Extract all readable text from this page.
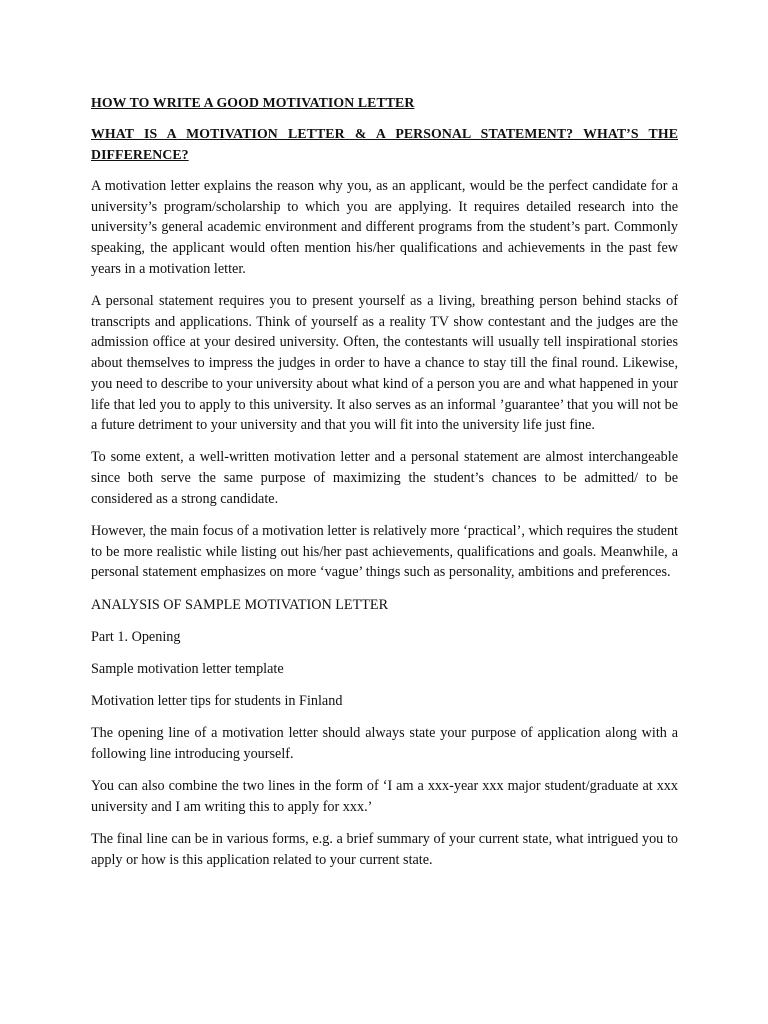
HOW TO WRITE A GOOD MOTIVATION LETTER

WHAT IS A MOTIVATION LETTER & A PERSONAL STATEMENT? WHAT’S THE DIFFERENCE?

A motivation letter explains the reason why you, as an applicant, would be the perfect candidate for a university’s program/scholarship to which you are applying. It requires detailed research into the university’s general academic environment and different programs from the student’s part. Commonly speaking, the applicant would often mention his/her qualifications and achievements in the past few years in a motivation letter.

A personal statement requires you to present yourself as a living, breathing person behind stacks of transcripts and applications. Think of yourself as a reality TV show contestant and the judges are the admission office at your desired university. Often, the contestants will usually tell inspirational stories about themselves to impress the judges in order to have a chance to stay till the final round. Likewise, you need to describe to your university about what kind of a person you are and what happened in your life that led you to apply to this university. It also serves as an informal ’guarantee’ that you will not be a future detriment to your university and that you will fit into the university life just fine.

To some extent, a well-written motivation letter and a personal statement are almost interchangeable since both serve the same purpose of maximizing the student’s chances to be admitted/ to be considered as a strong candidate.

However, the main focus of a motivation letter is relatively more ‘practical’, which requires the student to be more realistic while listing out his/her past achievements, qualifications and goals. Meanwhile, a personal statement emphasizes on more ‘vague’ things such as personality, ambitions and preferences.

ANALYSIS OF SAMPLE MOTIVATION LETTER

Part 1. Opening

Sample motivation letter template

Motivation letter tips for students in Finland

The opening line of a motivation letter should always state your purpose of application along with a following line introducing yourself.

You can also combine the two lines in the form of ‘I am a xxx-year xxx major student/graduate at xxx university and I am writing this to apply for xxx.’

The final line can be in various forms, e.g. a brief summary of your current state, what intrigued you to apply or how is this application related to your current state.
